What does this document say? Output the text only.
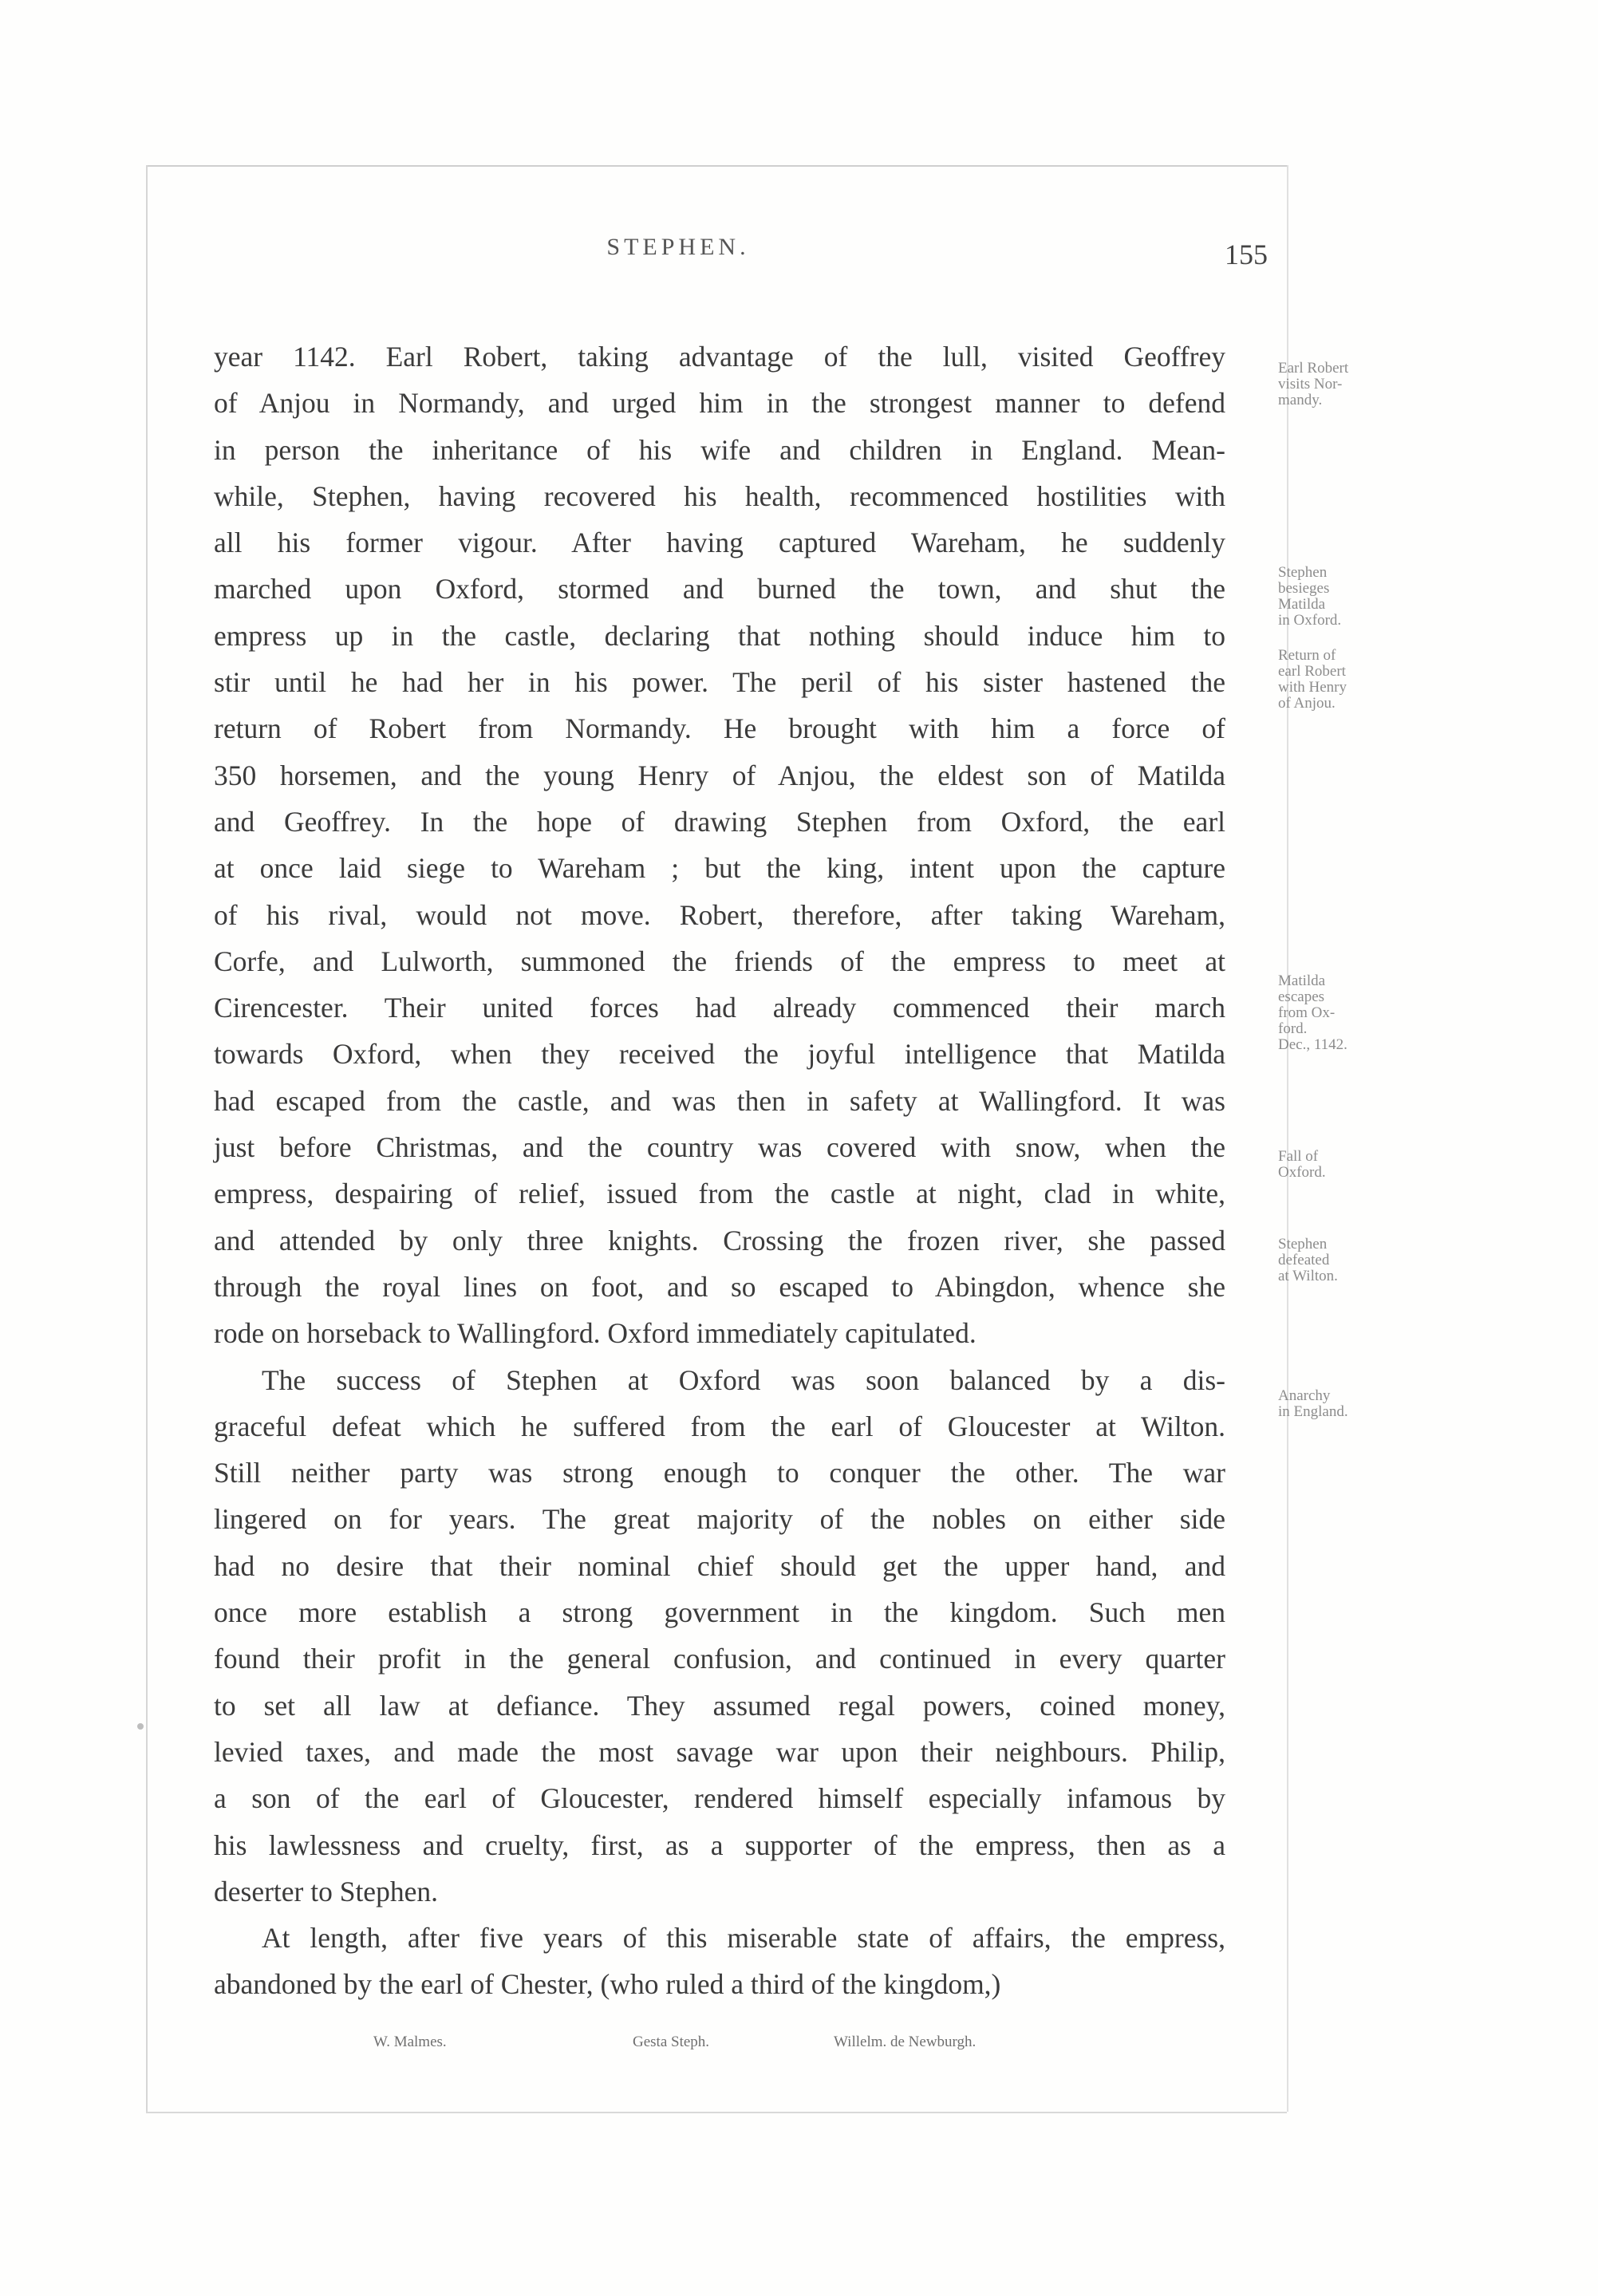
STEPHEN.	155
year 1142. Earl Robert, taking advantage of the lull, visited Geoffrey
of Anjou in Normandy, and urged him in the strongest manner to defend
in person the inheritance of his wife and children in England. Mean-
while, Stephen, having recovered his health, recommenced hostilities with
all his former vigour. After having captured Wareham, he suddenly
marched upon Oxford, stormed and burned the town, and shut the
empress up in the castle, declaring that nothing should induce him to
stir until he had her in his power. The peril of his sister hastened the
return of Robert from Normandy. He brought with him a force of
350 horsemen, and the young Henry of Anjou, the eldest son of Matilda
and Geoffrey. In the hope of drawing Stephen from Oxford, the earl
at once laid siege to Wareham ; but the king, intent upon the capture
of his rival, would not move. Robert, therefore, after taking Wareham,
Corfe, and Lulworth, summoned the friends of the empress to meet at
Cirencester. Their united forces had already commenced their march
towards Oxford, when they received the joyful intelligence that Matilda
had escaped from the castle, and was then in safety at Wallingford. It was
just before Christmas, and the country was covered with snow, when the
empress, despairing of relief, issued from the castle at night, clad in white,
and attended by only three knights. Crossing the frozen river, she passed
through the royal lines on foot, and so escaped to Abingdon, whence she
rode on horseback to Wallingford. Oxford immediately capitulated.
The success of Stephen at Oxford was soon balanced by a dis-
graceful defeat which he suffered from the earl of Gloucester at Wilton.
Still neither party was strong enough to conquer the other. The war
lingered on for years. The great majority of the nobles on either side
had no desire that their nominal chief should get the upper hand, and
once more establish a strong government in the kingdom. Such men
found their profit in the general confusion, and continued in every quarter
to set all law at defiance. They assumed regal powers, coined money,
levied taxes, and made the most savage war upon their neighbours. Philip,
a son of the earl of Gloucester, rendered himself especially infamous by
his lawlessness and cruelty, first, as a supporter of the empress, then as a
deserter to Stephen.
At length, after five years of this miserable state of affairs, the empress,
abandoned by the earl of Chester, (who ruled a third of the kingdom,)
Earl Robert
visits Nor-
mandy.
Stephen
besieges
Matilda
in Oxford.
Return of
earl Robert
with Henry
of Anjou.
Matilda
escapes
from Ox-
ford.
Dec., 1142.
Fall of
Oxford.
Stephen
defeated
at Wilton.
Anarchy
in England.
W. Malmes.	Gesta Steph.	Willelm. de Newburgh.
